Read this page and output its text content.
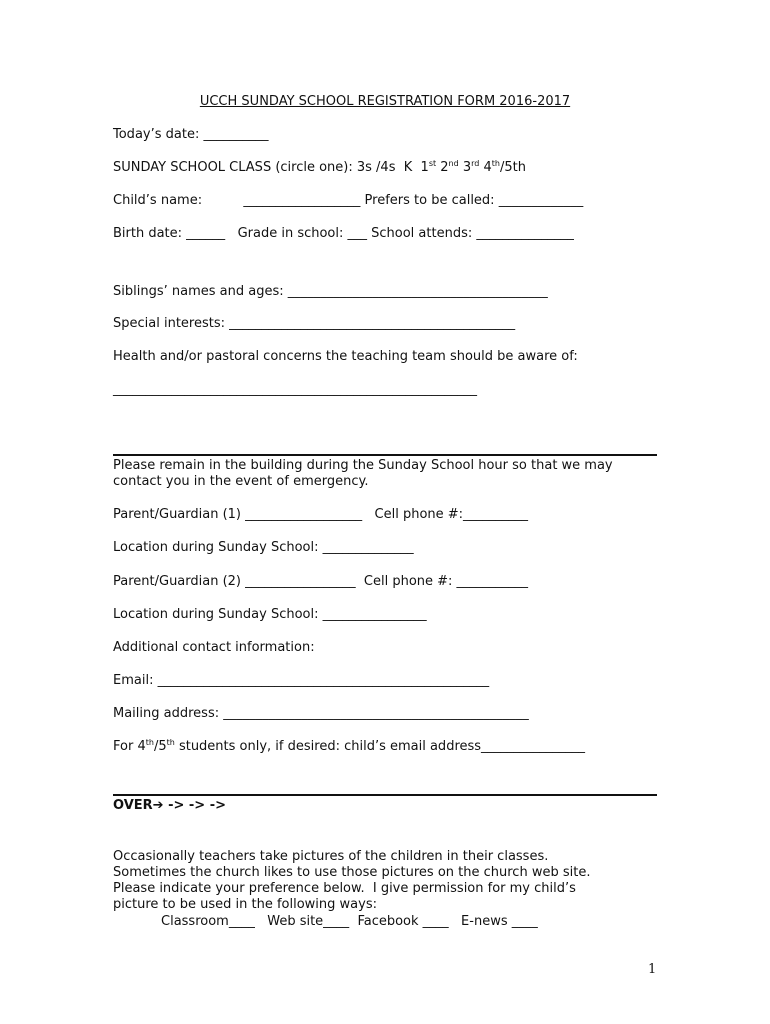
UCCH SUNDAY SCHOOL REGISTRATION FORM 2016-2017
Today’s date: __________
SUNDAY SCHOOL CLASS (circle one): 3s /4s  K  1st 2nd 3rd 4th/5th
Child’s name:          __________________ Prefers to be called: _____________
Birth date: ______   Grade in school: ___ School attends: _______________
Siblings’ names and ages: ________________________________________
Special interests: ____________________________________________
Health and/or pastoral concerns the teaching team should be aware of:
________________________________________________________
Please remain in the building during the Sunday School hour so that we may
contact you in the event of emergency.
Parent/Guardian (1) __________________   Cell phone #:__________
Location during Sunday School: ______________
Parent/Guardian (2) _________________  Cell phone #: ___________
Location during Sunday School: ________________
Additional contact information:
Email: ___________________________________________________
Mailing address: _______________________________________________
For 4th/5th students only, if desired: child’s email address________________
OVER➔ -> -> ->
Occasionally teachers take pictures of the children in their classes.
Sometimes the church likes to use those pictures on the church web site.
Please indicate your preference below.  I give permission for my child’s
picture to be used in the following ways:
Classroom____   Web site____  Facebook ____   E-news ____
1
